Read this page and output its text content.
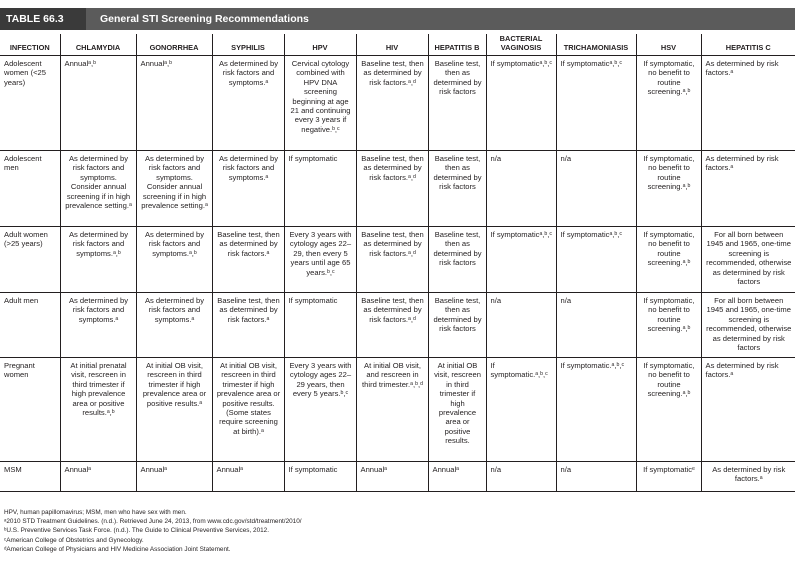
TABLE 66.3	General STI Screening Recommendations
INFECTION	CHLAMYDIA	GONORRHEA	SYPHILIS	HPV	HIV	HEPATITIS B	BACTERIAL VAGINOSIS	TRICHAMONIASIS	HSV	HEPATITIS C
Adolescent women (<25 years)	Annualᵃ,ᵇ	Annualᵃ,ᵇ	As determined by risk factors and symptoms.ᵃ	Cervical cytology combined with HPV DNA screening beginning at age 21 and continuing every 3 years if negative.ᵇ,ᶜ	Baseline test, then as determined by risk factors.ᵃ,ᵈ	Baseline test, then as determined by risk factors	If symptomaticᵃ,ᵇ,ᶜ	If symptomaticᵃ,ᵇ,ᶜ	If symptomatic, no benefit to routine screening.ᵃ,ᵇ	As determined by risk factors.ᵃ
Adolescent men	As determined by risk factors and symptoms. Consider annual screening if in high prevalence setting.ᵃ	As determined by risk factors and symptoms. Consider annual screening if in high prevalence setting.ᵃ	As determined by risk factors and symptoms.ᵃ	If symptomatic	Baseline test, then as determined by risk factors.ᵃ,ᵈ	Baseline test, then as determined by risk factors	n/a	n/a	If symptomatic, no benefit to routine screening.ᵃ,ᵇ	As determined by risk factors.ᵃ
Adult women (>25 years)	As determined by risk factors and symptoms.ᵃ,ᵇ	As determined by risk factors and symptoms.ᵃ,ᵇ	Baseline test, then as determined by risk factors.ᵃ	Every 3 years with cytology ages 22–29, then every 5 years until age 65 years.ᵇ,ᶜ	Baseline test, then as determined by risk factors.ᵃ,ᵈ	Baseline test, then as determined by risk factors	If symptomaticᵃ,ᵇ,ᶜ	If symptomaticᵃ,ᵇ,ᶜ	If symptomatic, no benefit to routine screening.ᵃ,ᵇ	For all born between 1945 and 1965, one-time screening is recommended, otherwise as determined by risk factors
Adult men	As determined by risk factors and symptoms.ᵃ	As determined by risk factors and symptoms.ᵃ	Baseline test, then as determined by risk factors.ᵃ	If symptomatic	Baseline test, then as determined by risk factors.ᵃ,ᵈ	Baseline test, then as determined by risk factors	n/a	n/a	If symptomatic, no benefit to routine screening.ᵃ,ᵇ	For all born between 1945 and 1965, one-time screening is recommended, otherwise as determined by risk factors
Pregnant women	At initial prenatal visit, rescreen in third trimester if high prevalence area or positive results.ᵃ,ᵇ	At initial OB visit, rescreen in third trimester if high prevalence area or positive results.ᵃ	At initial OB visit, rescreen in third trimester if high prevalence area or positive results. (Some states require screening at birth).ᵃ	Every 3 years with cytology ages 22–29 years, then every 5 years.ᵇ,ᶜ	At initial OB visit, and rescreen in third trimester.ᵃ,ᵇ,ᵈ	At initial OB visit, rescreen in third trimester if high prevalence area or positive results.	If symptomatic.ᵃ,ᵇ,ᶜ	If symptomatic.ᵃ,ᵇ,ᶜ	If symptomatic, no benefit to routine screening.ᵃ,ᵇ	As determined by risk factors.ᵃ
MSM	Annualᵃ	Annualᵃ	Annualᵃ	If symptomatic	Annualᵃ	Annualᵃ	n/a	n/a	If symptomaticᵉ	As determined by risk factors.ᵃ
HPV, human papillomavirus; MSM, men who have sex with men.
ᵃ2010 STD Treatment Guidelines. (n.d.). Retrieved June 24, 2013, from www.cdc.gov/std/treatment/2010/
ᵇU.S. Preventive Services Task Force. (n.d.). The Guide to Clinical Preventive Services, 2012.
ᶜAmerican College of Obstetrics and Gynecology.
ᵈAmerican College of Physicians and HIV Medicine Association Joint Statement.
